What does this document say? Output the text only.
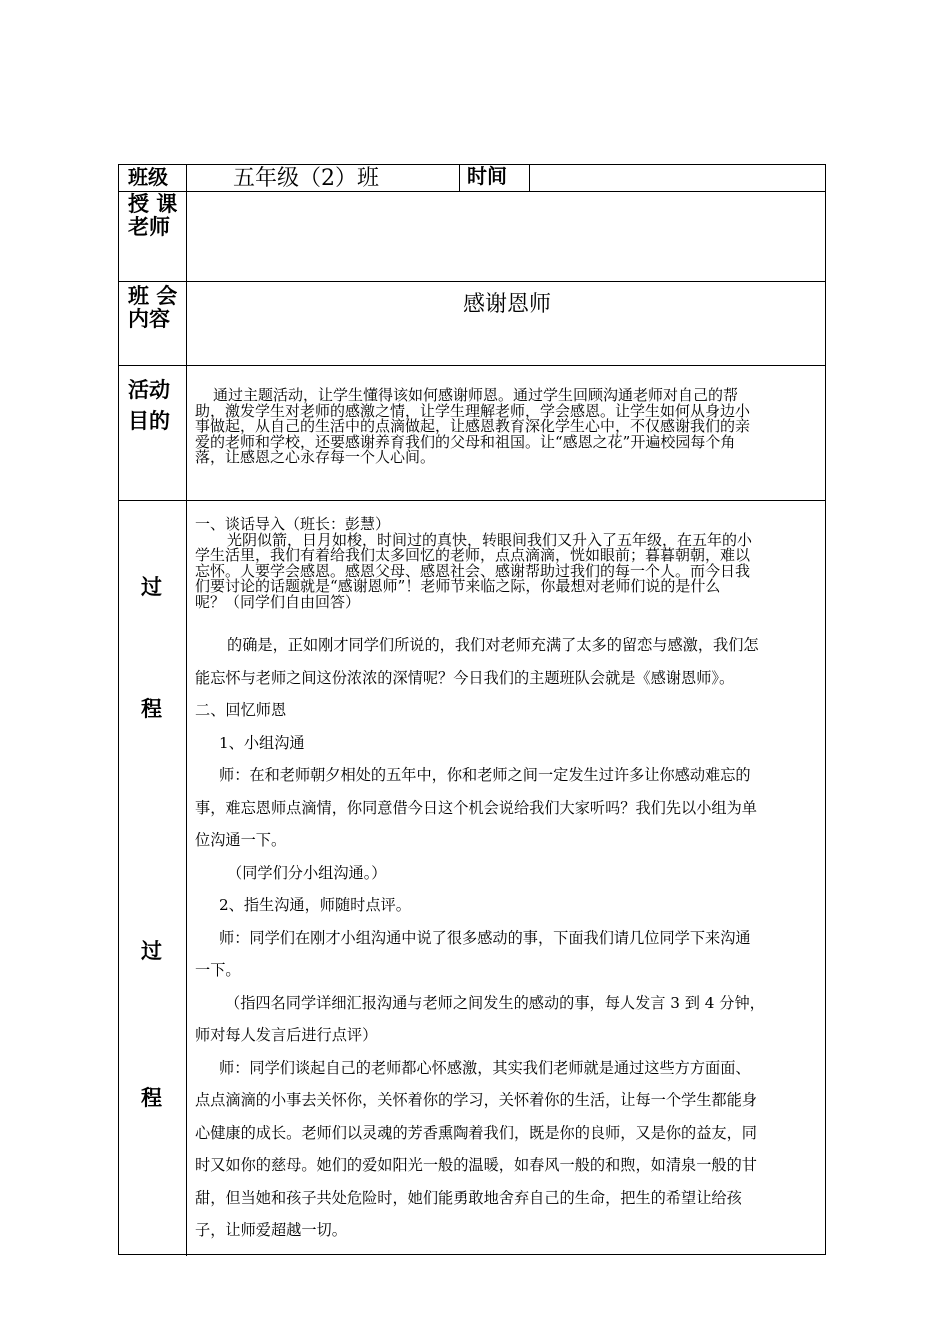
班级	五年级（2）班	时间
授 课
老师
班 会
内容
感谢恩师
活动
目的

通过主题活动，让学生懂得该如何感谢师恩。通过学生回顾沟通老师对自己的帮

助，激发学生对老师的感激之情，让学生理解老师，学会感恩。让学生如何从身边小

事做起，从自己的生活中的点滴做起，让感恩教育深化学生心中，不仅感谢我们的亲

爱的老师和学校，还要感谢养育我们的父母和祖国。让“感恩之花”开遍校园每个角

落，让感恩之心永存每一个人心间。

过
程
过
程

一、谈话导入（班长：彭慧）

光阴似箭，日月如梭，时间过的真快，转眼间我们又升入了五年级，在五年的小

学生活里，我们有着给我们太多回忆的老师，点点滴滴，恍如眼前；暮暮朝朝，难以

忘怀。人要学会感恩。感恩父母、感恩社会、感谢帮助过我们的每一个人。而今日我

们要讨论的话题就是“感谢恩师”！老师节来临之际，你最想对老师们说的是什么

呢？（同学们自由回答）

的确是，正如刚才同学们所说的，我们对老师充满了太多的留恋与感激，我们怎

能忘怀与老师之间这份浓浓的深情呢？今日我们的主题班队会就是《感谢恩师》。

二、回忆师恩

1、小组沟通

师：在和老师朝夕相处的五年中，你和老师之间一定发生过许多让你感动难忘的

事，难忘恩师点滴情，你同意借今日这个机会说给我们大家听吗？我们先以小组为单

位沟通一下。

（同学们分小组沟通。）

2、指生沟通，师随时点评。

师：同学们在刚才小组沟通中说了很多感动的事，下面我们请几位同学下来沟通

一下。

（指四名同学详细汇报沟通与老师之间发生的感动的事，每人发言 3 到 4 分钟，

师对每人发言后进行点评）

师：同学们谈起自己的老师都心怀感激，其实我们老师就是通过这些方方面面、

点点滴滴的小事去关怀你，关怀着你的学习，关怀着你的生活，让每一个学生都能身

心健康的成长。老师们以灵魂的芳香熏陶着我们，既是你的良师，又是你的益友，同

时又如你的慈母。她们的爱如阳光一般的温暖，如春风一般的和煦，如清泉一般的甘

甜，但当她和孩子共处危险时，她们能勇敢地舍弃自己的生命，把生的希望让给孩

子，让师爱超越一切。
